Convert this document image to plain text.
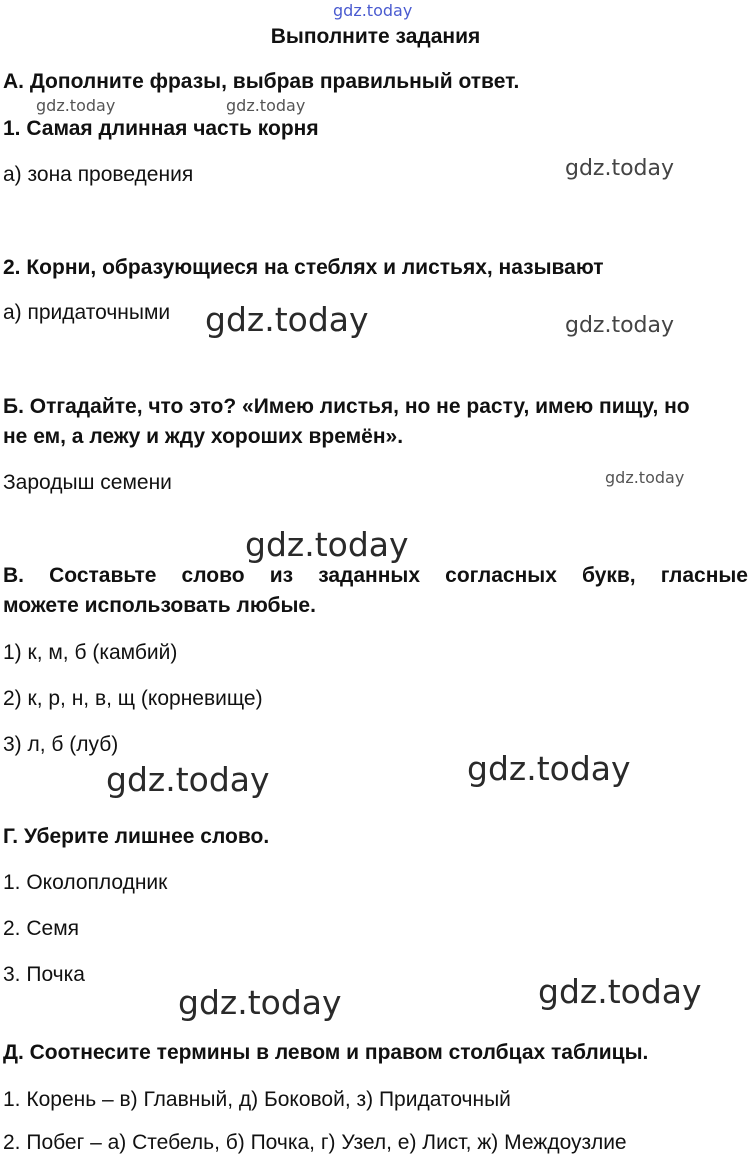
gdz.today
gdz.today	gdz.today
gdz.today
gdz.today	gdz.today
gdz.today
gdz.today
gdz.today
gdz.today
gdz.today
gdz.today

Выполните задания

А. Дополните фразы, выбрав правильный ответ.

1. Самая длинная часть корня

а) зона проведения

2. Корни, образующиеся на стеблях и листьях, называют

а) придаточными

Б. Отгадайте, что это? «Имею листья, но не расту, имею пищу, но

не ем, а лежу и жду хороших времён».

Зародыш семени

В. Составьте слово из заданных согласных букв, гласные

можете использовать любые.

1) к, м, б (камбий)

2) к, р, н, в, щ (корневище)

3) л, б (луб)

Г. Уберите лишнее слово.

1. Околоплодник

2. Семя

3. Почка

Д. Соотнесите термины в левом и правом столбцах таблицы.

1. Корень – в) Главный, д) Боковой, з) Придаточный

2. Побег – а) Стебель, б) Почка, г) Узел, е) Лист, ж) Междоузлие
